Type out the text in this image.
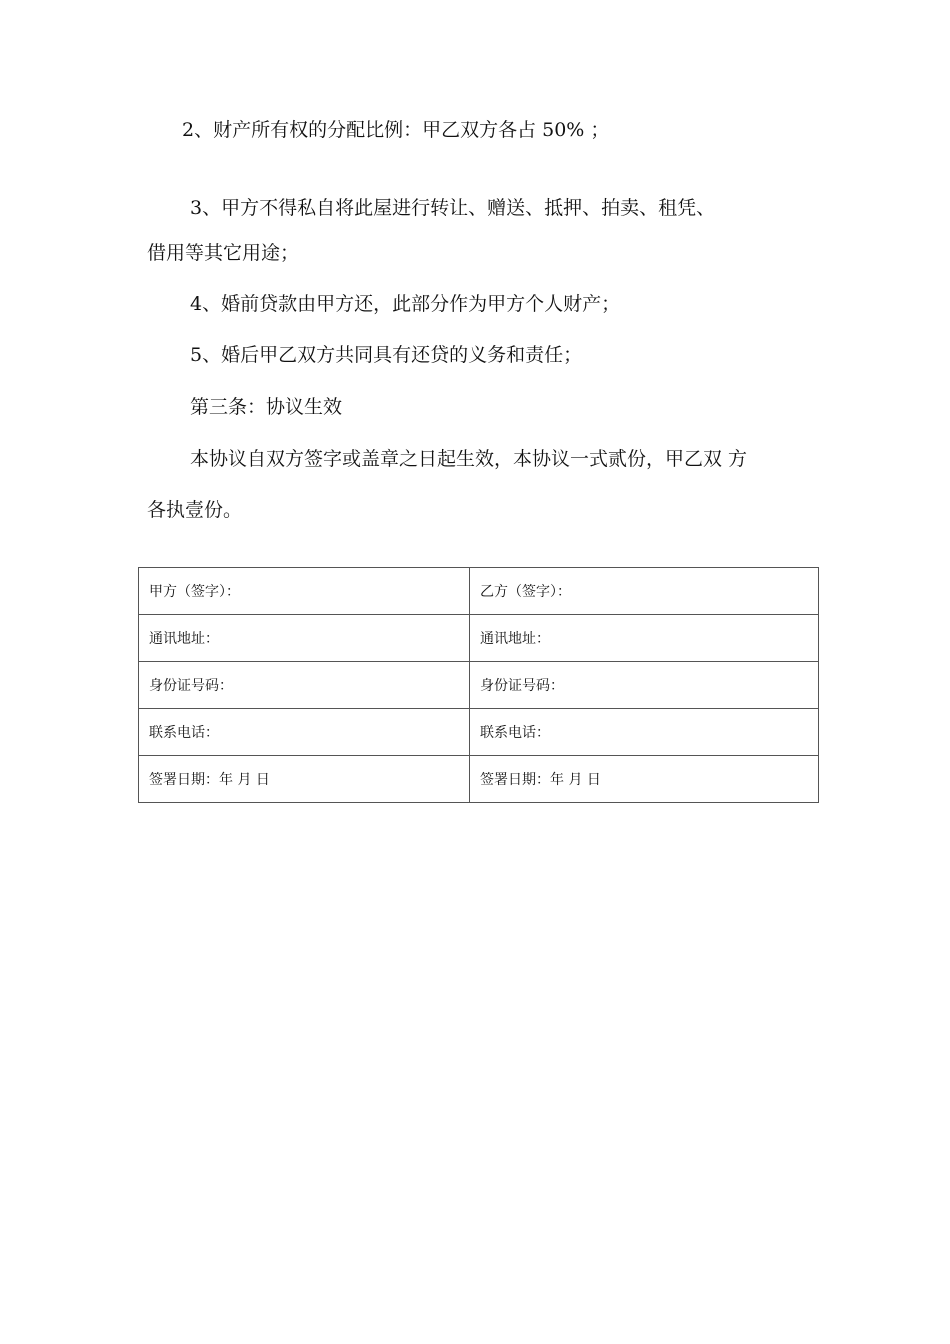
2、财产所有权的分配比例：甲乙双方各占 50% ；
3、甲方不得私自将此屋进行转让、赠送、抵押、拍卖、租凭、
借用等其它用途；
4、婚前贷款由甲方还，此部分作为甲方个人财产；
5、婚后甲乙双方共同具有还贷的义务和责任；
第三条：协议生效
本协议自双方签字或盖章之日起生效，本协议一式贰份，甲乙双 方
各执壹份。
甲方（签字）：	乙方（签字）：
通讯地址：	通讯地址：
身份证号码：	身份证号码：
联系电话：	联系电话：
签署日期：年 月 日	签署日期：年 月 日
